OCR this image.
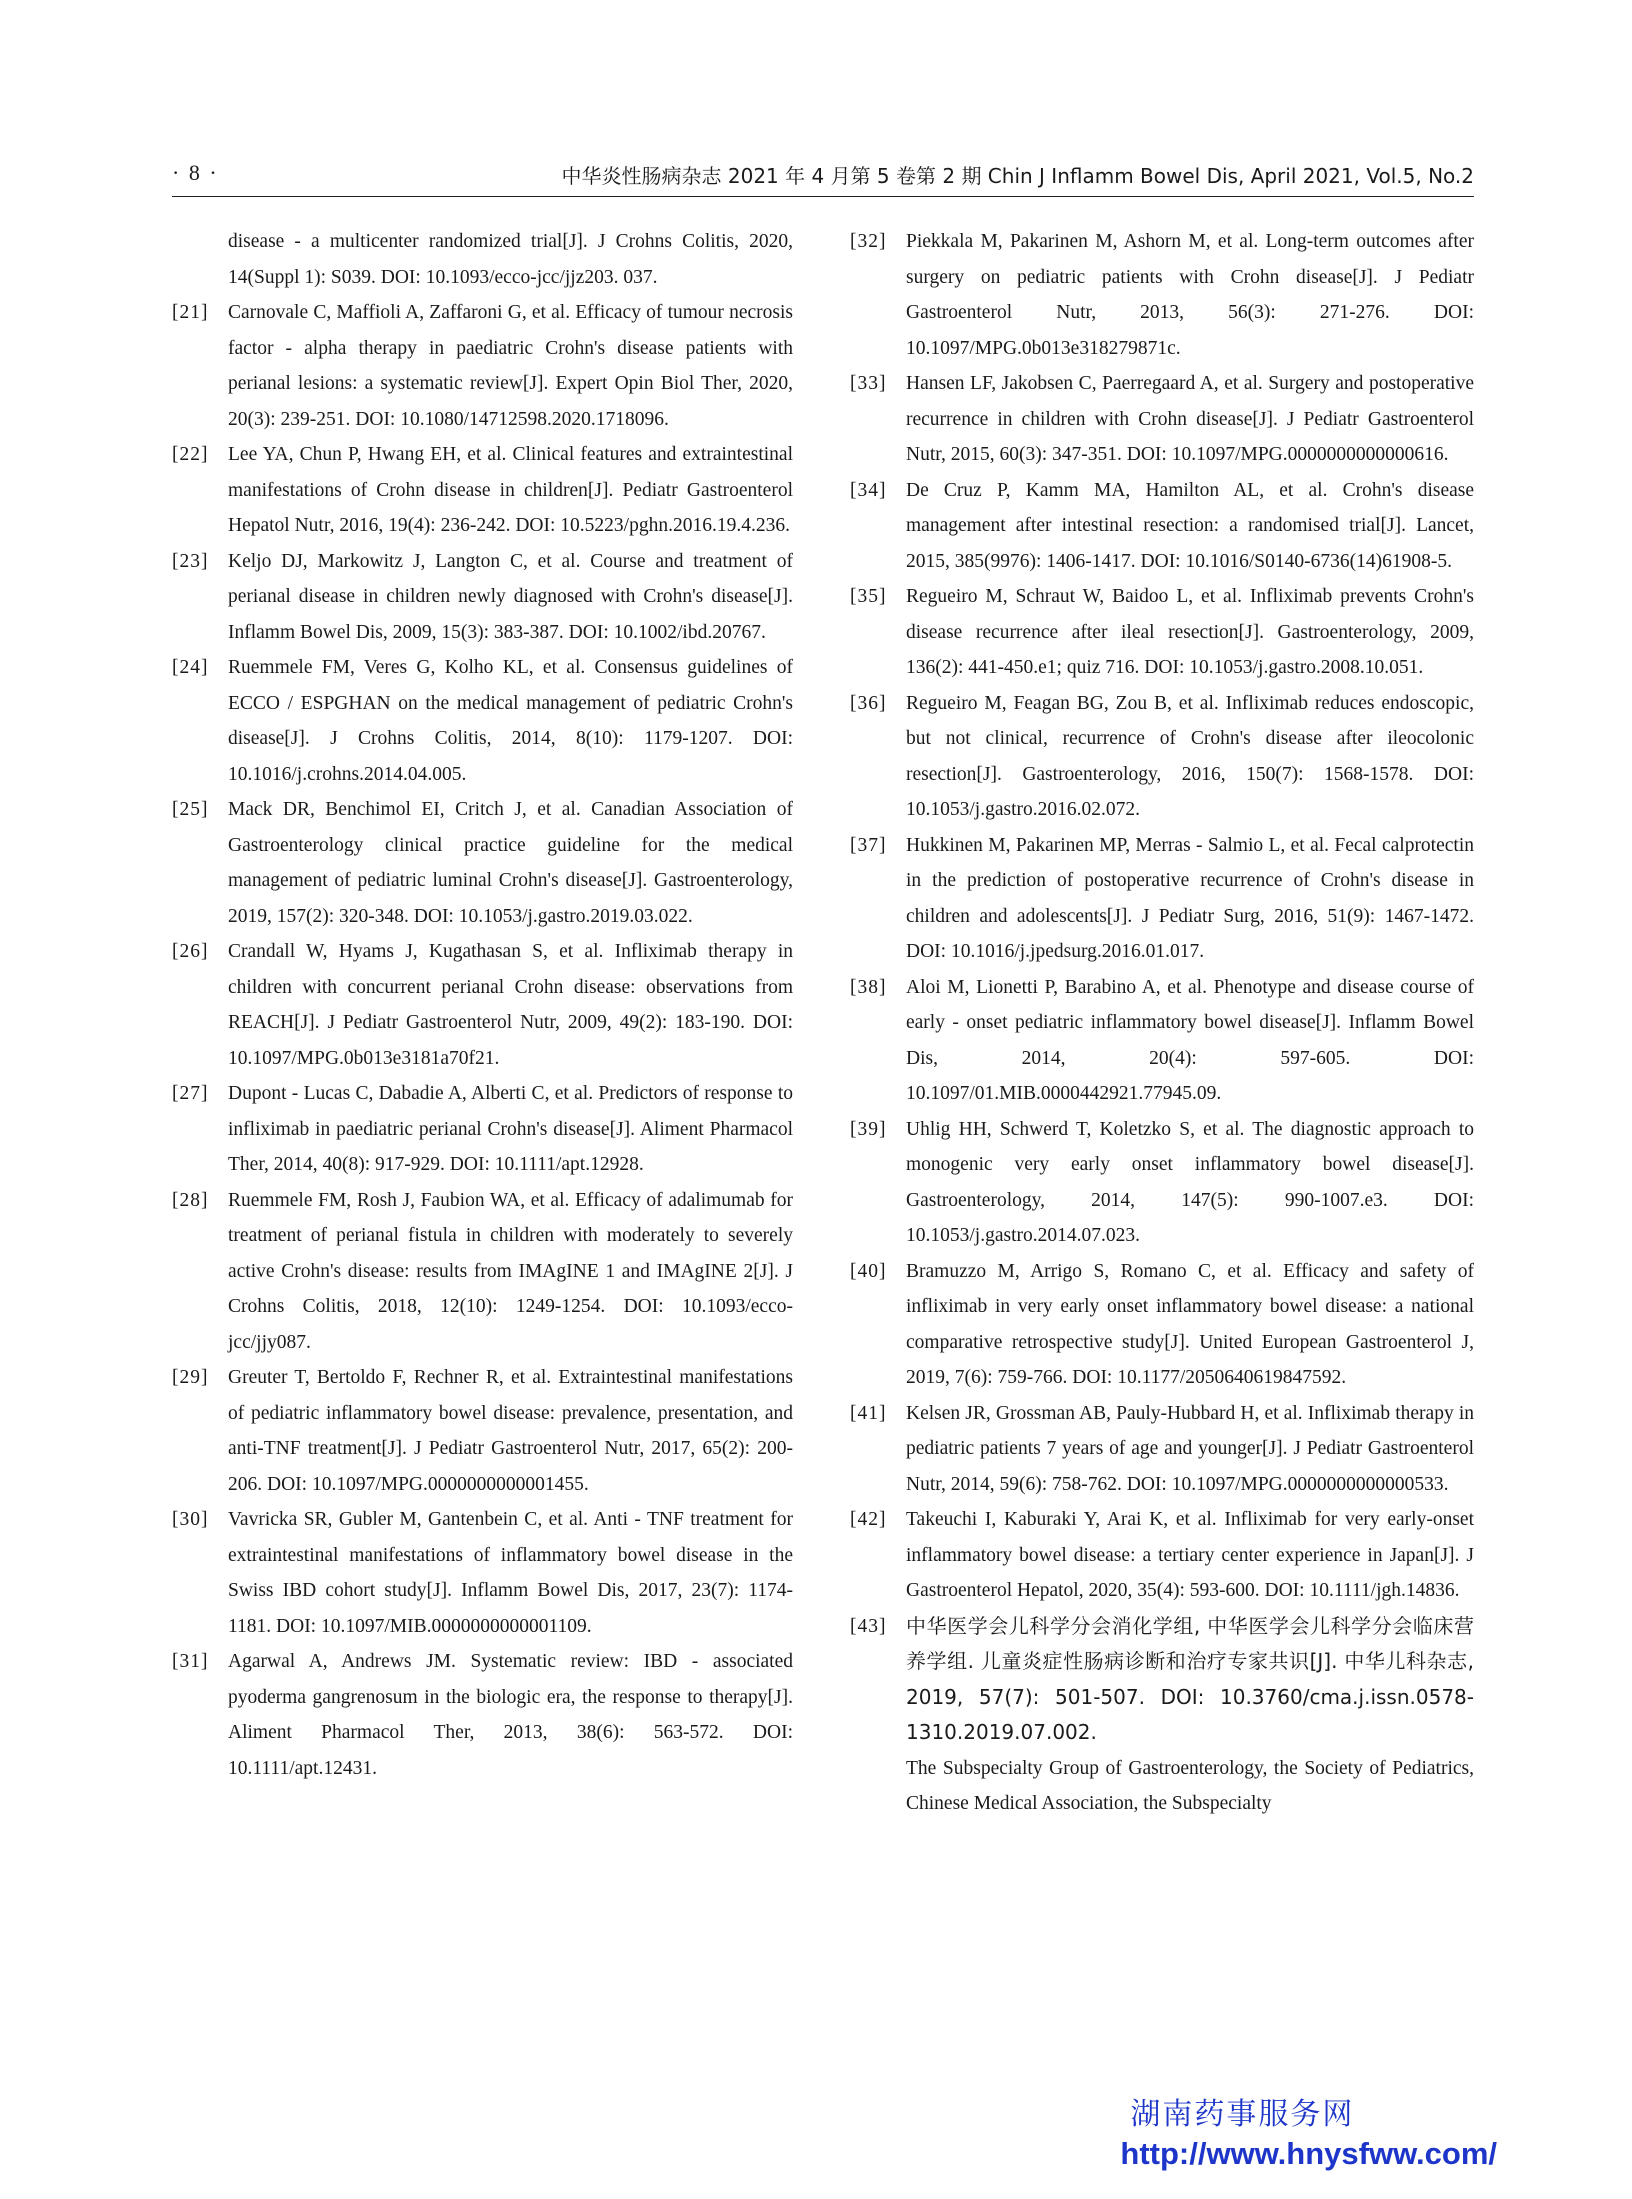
· 8 ·	中华炎性肠病杂志 2021 年 4 月第 5 卷第 2 期 Chin J Inflamm Bowel Dis, April 2021, Vol.5, No.2
disease - a multicenter randomized trial[J]. J Crohns Colitis, 2020, 14(Suppl 1): S039. DOI: 10.1093/ecco-jcc/jjz203. 037.
[21] Carnovale C, Maffioli A, Zaffaroni G, et al. Efficacy of tumour necrosis factor - alpha therapy in paediatric Crohn's disease patients with perianal lesions: a systematic review[J]. Expert Opin Biol Ther, 2020, 20(3): 239-251. DOI: 10.1080/14712598.2020.1718096.
[22] Lee YA, Chun P, Hwang EH, et al. Clinical features and extraintestinal manifestations of Crohn disease in children[J]. Pediatr Gastroenterol Hepatol Nutr, 2016, 19(4): 236-242. DOI: 10.5223/pghn.2016.19.4.236.
[23] Keljo DJ, Markowitz J, Langton C, et al. Course and treatment of perianal disease in children newly diagnosed with Crohn's disease[J]. Inflamm Bowel Dis, 2009, 15(3): 383-387. DOI: 10.1002/ibd.20767.
[24] Ruemmele FM, Veres G, Kolho KL, et al. Consensus guidelines of ECCO / ESPGHAN on the medical management of pediatric Crohn's disease[J]. J Crohns Colitis, 2014, 8(10): 1179-1207. DOI: 10.1016/j.crohns.2014.04.005.
[25] Mack DR, Benchimol EI, Critch J, et al. Canadian Association of Gastroenterology clinical practice guideline for the medical management of pediatric luminal Crohn's disease[J]. Gastroenterology, 2019, 157(2): 320-348. DOI: 10.1053/j.gastro.2019.03.022.
[26] Crandall W, Hyams J, Kugathasan S, et al. Infliximab therapy in children with concurrent perianal Crohn disease: observations from REACH[J]. J Pediatr Gastroenterol Nutr, 2009, 49(2): 183-190. DOI: 10.1097/MPG.0b013e3181a70f21.
[27] Dupont - Lucas C, Dabadie A, Alberti C, et al. Predictors of response to infliximab in paediatric perianal Crohn's disease[J]. Aliment Pharmacol Ther, 2014, 40(8): 917-929. DOI: 10.1111/apt.12928.
[28] Ruemmele FM, Rosh J, Faubion WA, et al. Efficacy of adalimumab for treatment of perianal fistula in children with moderately to severely active Crohn's disease: results from IMAgINE 1 and IMAgINE 2[J]. J Crohns Colitis, 2018, 12(10): 1249-1254. DOI: 10.1093/ecco-jcc/jjy087.
[29] Greuter T, Bertoldo F, Rechner R, et al. Extraintestinal manifestations of pediatric inflammatory bowel disease: prevalence, presentation, and anti-TNF treatment[J]. J Pediatr Gastroenterol Nutr, 2017, 65(2): 200-206. DOI: 10.1097/MPG.0000000000001455.
[30] Vavricka SR, Gubler M, Gantenbein C, et al. Anti - TNF treatment for extraintestinal manifestations of inflammatory bowel disease in the Swiss IBD cohort study[J]. Inflamm Bowel Dis, 2017, 23(7): 1174-1181. DOI: 10.1097/MIB.0000000000001109.
[31] Agarwal A, Andrews JM. Systematic review: IBD - associated pyoderma gangrenosum in the biologic era, the response to therapy[J]. Aliment Pharmacol Ther, 2013, 38(6): 563-572. DOI: 10.1111/apt.12431.
[32] Piekkala M, Pakarinen M, Ashorn M, et al. Long-term outcomes after surgery on pediatric patients with Crohn disease[J]. J Pediatr Gastroenterol Nutr, 2013, 56(3): 271-276. DOI: 10.1097/MPG.0b013e318279871c.
[33] Hansen LF, Jakobsen C, Paerregaard A, et al. Surgery and postoperative recurrence in children with Crohn disease[J]. J Pediatr Gastroenterol Nutr, 2015, 60(3): 347-351. DOI: 10.1097/MPG.0000000000000616.
[34] De Cruz P, Kamm MA, Hamilton AL, et al. Crohn's disease management after intestinal resection: a randomised trial[J]. Lancet, 2015, 385(9976): 1406-1417. DOI: 10.1016/S0140-6736(14)61908-5.
[35] Regueiro M, Schraut W, Baidoo L, et al. Infliximab prevents Crohn's disease recurrence after ileal resection[J]. Gastroenterology, 2009, 136(2): 441-450.e1; quiz 716. DOI: 10.1053/j.gastro.2008.10.051.
[36] Regueiro M, Feagan BG, Zou B, et al. Infliximab reduces endoscopic, but not clinical, recurrence of Crohn's disease after ileocolonic resection[J]. Gastroenterology, 2016, 150(7): 1568-1578. DOI: 10.1053/j.gastro.2016.02.072.
[37] Hukkinen M, Pakarinen MP, Merras - Salmio L, et al. Fecal calprotectin in the prediction of postoperative recurrence of Crohn's disease in children and adolescents[J]. J Pediatr Surg, 2016, 51(9): 1467-1472. DOI: 10.1016/j.jpedsurg.2016.01.017.
[38] Aloi M, Lionetti P, Barabino A, et al. Phenotype and disease course of early - onset pediatric inflammatory bowel disease[J]. Inflamm Bowel Dis, 2014, 20(4): 597-605. DOI: 10.1097/01.MIB.0000442921.77945.09.
[39] Uhlig HH, Schwerd T, Koletzko S, et al. The diagnostic approach to monogenic very early onset inflammatory bowel disease[J]. Gastroenterology, 2014, 147(5): 990-1007.e3. DOI: 10.1053/j.gastro.2014.07.023.
[40] Bramuzzo M, Arrigo S, Romano C, et al. Efficacy and safety of infliximab in very early onset inflammatory bowel disease: a national comparative retrospective study[J]. United European Gastroenterol J, 2019, 7(6): 759-766. DOI: 10.1177/2050640619847592.
[41] Kelsen JR, Grossman AB, Pauly-Hubbard H, et al. Infliximab therapy in pediatric patients 7 years of age and younger[J]. J Pediatr Gastroenterol Nutr, 2014, 59(6): 758-762. DOI: 10.1097/MPG.0000000000000533.
[42] Takeuchi I, Kaburaki Y, Arai K, et al. Infliximab for very early-onset inflammatory bowel disease: a tertiary center experience in Japan[J]. J Gastroenterol Hepatol, 2020, 35(4): 593-600. DOI: 10.1111/jgh.14836.
[43] 中华医学会儿科学分会消化学组, 中华医学会儿科学分会临床营养学组. 儿童炎症性肠病诊断和治疗专家共识[J]. 中华儿科杂志, 2019, 57(7): 501-507. DOI: 10.3760/cma.j.issn.0578-1310.2019.07.002.
The Subspecialty Group of Gastroenterology, the Society of Pediatrics, Chinese Medical Association, the Subspecialty
湖南药事服务网
http://www.hnysfww.com/
